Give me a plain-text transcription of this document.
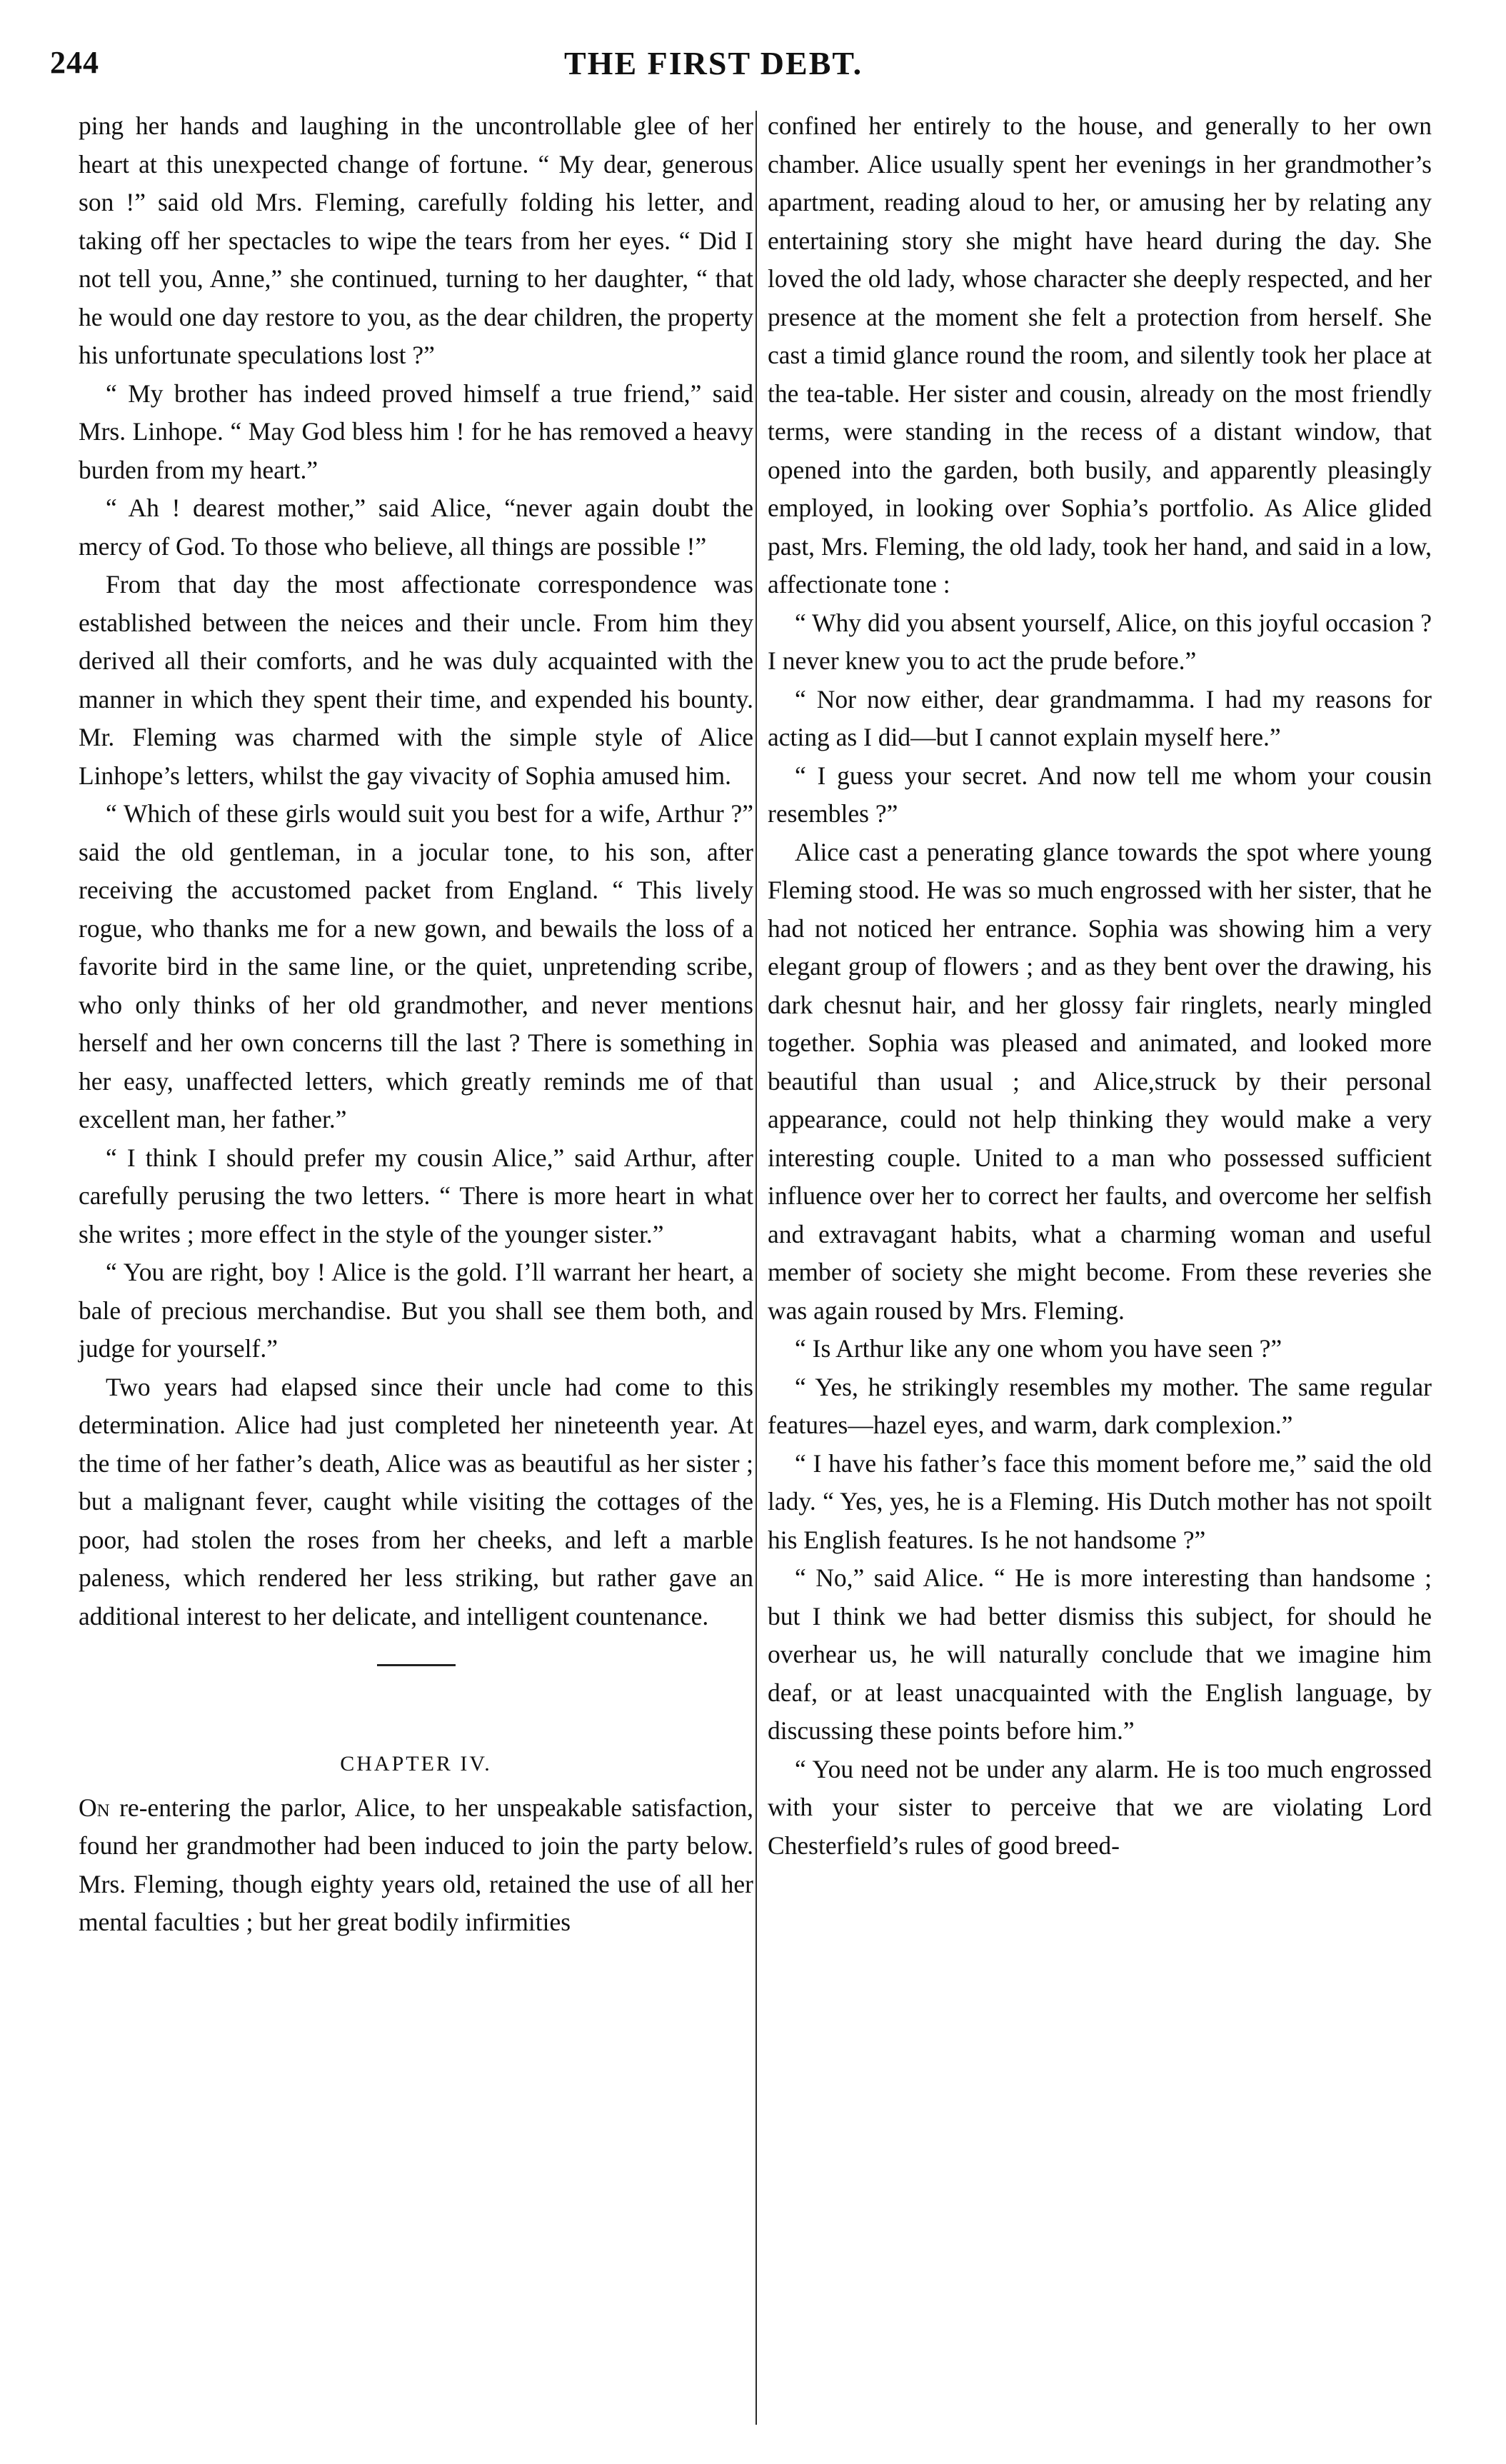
244	THE FIRST DEBT.

ping her hands and laughing in the uncontrollable glee of her heart at this unexpected change of fortune. “ My dear, generous son !” said old Mrs. Fleming, carefully folding his letter, and taking off her spectacles to wipe the tears from her eyes. “ Did I not tell you, Anne,” she continued, turning to her daughter, “ that he would one day restore to you, as the dear children, the property his unfortunate speculations lost ?”

“ My brother has indeed proved himself a true friend,” said Mrs. Linhope. “ May God bless him ! for he has removed a heavy burden from my heart.”

“ Ah ! dearest mother,” said Alice, “never again doubt the mercy of God. To those who believe, all things are possible !”

From that day the most affectionate correspondence was established between the neices and their uncle. From him they derived all their comforts, and he was duly acquainted with the manner in which they spent their time, and expended his bounty. Mr. Fleming was charmed with the simple style of Alice Linhope’s letters, whilst the gay vivacity of Sophia amused him.

“ Which of these girls would suit you best for a wife, Arthur ?” said the old gentleman, in a jocular tone, to his son, after receiving the accustomed packet from England. “ This lively rogue, who thanks me for a new gown, and bewails the loss of a favorite bird in the same line, or the quiet, unpretending scribe, who only thinks of her old grandmother, and never mentions herself and her own concerns till the last ? There is something in her easy, unaffected letters, which greatly reminds me of that excellent man, her father.”

“ I think I should prefer my cousin Alice,” said Arthur, after carefully perusing the two letters. “ There is more heart in what she writes ; more effect in the style of the younger sister.”

“ You are right, boy ! Alice is the gold. I’ll warrant her heart, a bale of precious merchandise. But you shall see them both, and judge for yourself.”

Two years had elapsed since their uncle had come to this determination. Alice had just completed her nineteenth year. At the time of her father’s death, Alice was as beautiful as her sister ; but a malignant fever, caught while visiting the cottages of the poor, had stolen the roses from her cheeks, and left a marble paleness, which rendered her less striking, but rather gave an additional interest to her delicate, and intelligent countenance.

CHAPTER IV.

On re-entering the parlor, Alice, to her unspeakable satisfaction, found her grandmother had been induced to join the party below. Mrs. Fleming, though eighty years old, retained the use of all her mental faculties ; but her great bodily infirmities

confined her entirely to the house, and generally to her own chamber. Alice usually spent her evenings in her grandmother’s apartment, reading aloud to her, or amusing her by relating any entertaining story she might have heard during the day. She loved the old lady, whose character she deeply respected, and her presence at the moment she felt a protection from herself. She cast a timid glance round the room, and silently took her place at the tea-table. Her sister and cousin, already on the most friendly terms, were standing in the recess of a distant window, that opened into the garden, both busily, and apparently pleasingly employed, in looking over Sophia’s portfolio. As Alice glided past, Mrs. Fleming, the old lady, took her hand, and said in a low, affectionate tone :

“ Why did you absent yourself, Alice, on this joyful occasion ? I never knew you to act the prude before.”

“ Nor now either, dear grandmamma. I had my reasons for acting as I did—but I cannot explain myself here.”

“ I guess your secret. And now tell me whom your cousin resembles ?”

Alice cast a penerating glance towards the spot where young Fleming stood. He was so much engrossed with her sister, that he had not noticed her entrance. Sophia was showing him a very elegant group of flowers ; and as they bent over the drawing, his dark chesnut hair, and her glossy fair ringlets, nearly mingled together. Sophia was pleased and animated, and looked more beautiful than usual ; and Alice,struck by their personal appearance, could not help thinking they would make a very interesting couple. United to a man who possessed sufficient influence over her to correct her faults, and overcome her selfish and extravagant habits, what a charming woman and useful member of society she might become. From these reveries she was again roused by Mrs. Fleming.

“ Is Arthur like any one whom you have seen ?”

“ Yes, he strikingly resembles my mother. The same regular features—hazel eyes, and warm, dark complexion.”

“ I have his father’s face this moment before me,” said the old lady. “ Yes, yes, he is a Fleming. His Dutch mother has not spoilt his English features. Is he not handsome ?”

“ No,” said Alice. “ He is more interesting than handsome ; but I think we had better dismiss this subject, for should he overhear us, he will naturally conclude that we imagine him deaf, or at least unacquainted with the English language, by discussing these points before him.”

“ You need not be under any alarm. He is too much engrossed with your sister to perceive that we are violating Lord Chesterfield’s rules of good breed-
